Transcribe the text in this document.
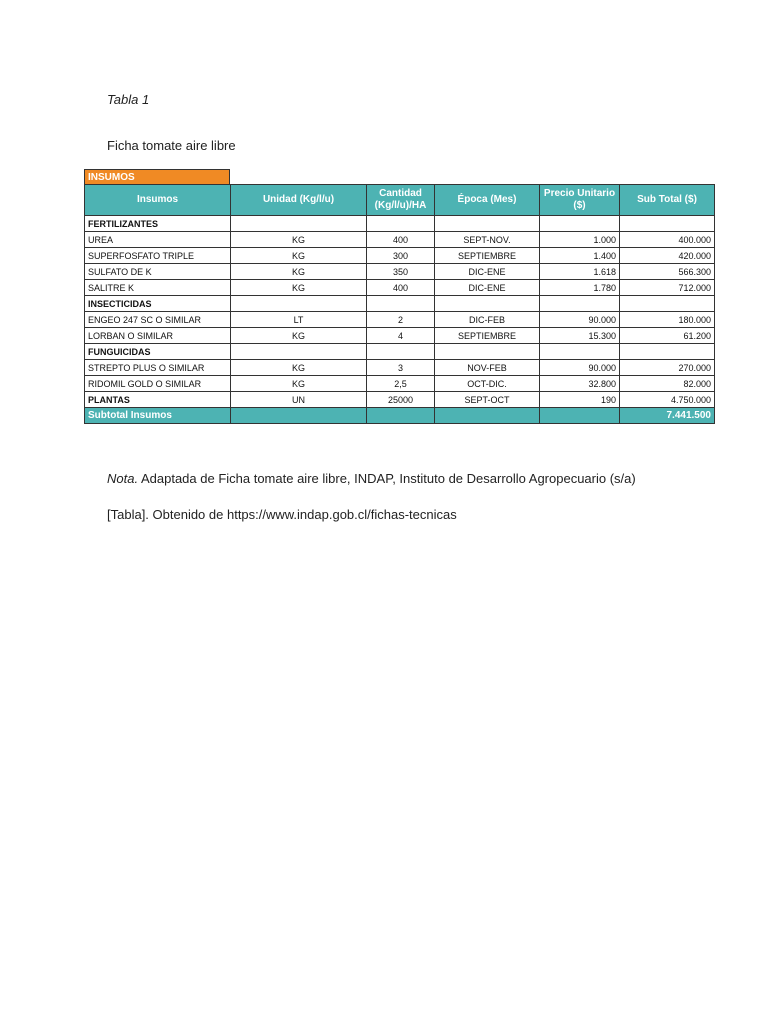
Tabla 1
Ficha tomate aire libre
INSUMOS
Insumos	Unidad (Kg/l/u)	Cantidad (Kg/l/u)/HA	Época (Mes)	Precio Unitario ($)	Sub Total ($)
FERTILIZANTES					
UREA	KG	400	SEPT-NOV.	1.000	400.000
SUPERFOSFATO TRIPLE	KG	300	SEPTIEMBRE	1.400	420.000
SULFATO DE K	KG	350	DIC-ENE	1.618	566.300
SALITRE K	KG	400	DIC-ENE	1.780	712.000
INSECTICIDAS					
ENGEO 247 SC O SIMILAR	LT	2	DIC-FEB	90.000	180.000
LORBAN O SIMILAR	KG	4	SEPTIEMBRE	15.300	61.200
FUNGUICIDAS					
STREPTO PLUS O SIMILAR	KG	3	NOV-FEB	90.000	270.000
RIDOMIL GOLD O SIMILAR	KG	2,5	OCT-DIC.	32.800	82.000
PLANTAS	UN	25000	SEPT-OCT	190	4.750.000
Subtotal Insumos					7.441.500
Nota. Adaptada de Ficha tomate aire libre, INDAP, Instituto de Desarrollo Agropecuario (s/a)
[Tabla]. Obtenido de https://www.indap.gob.cl/fichas-tecnicas
